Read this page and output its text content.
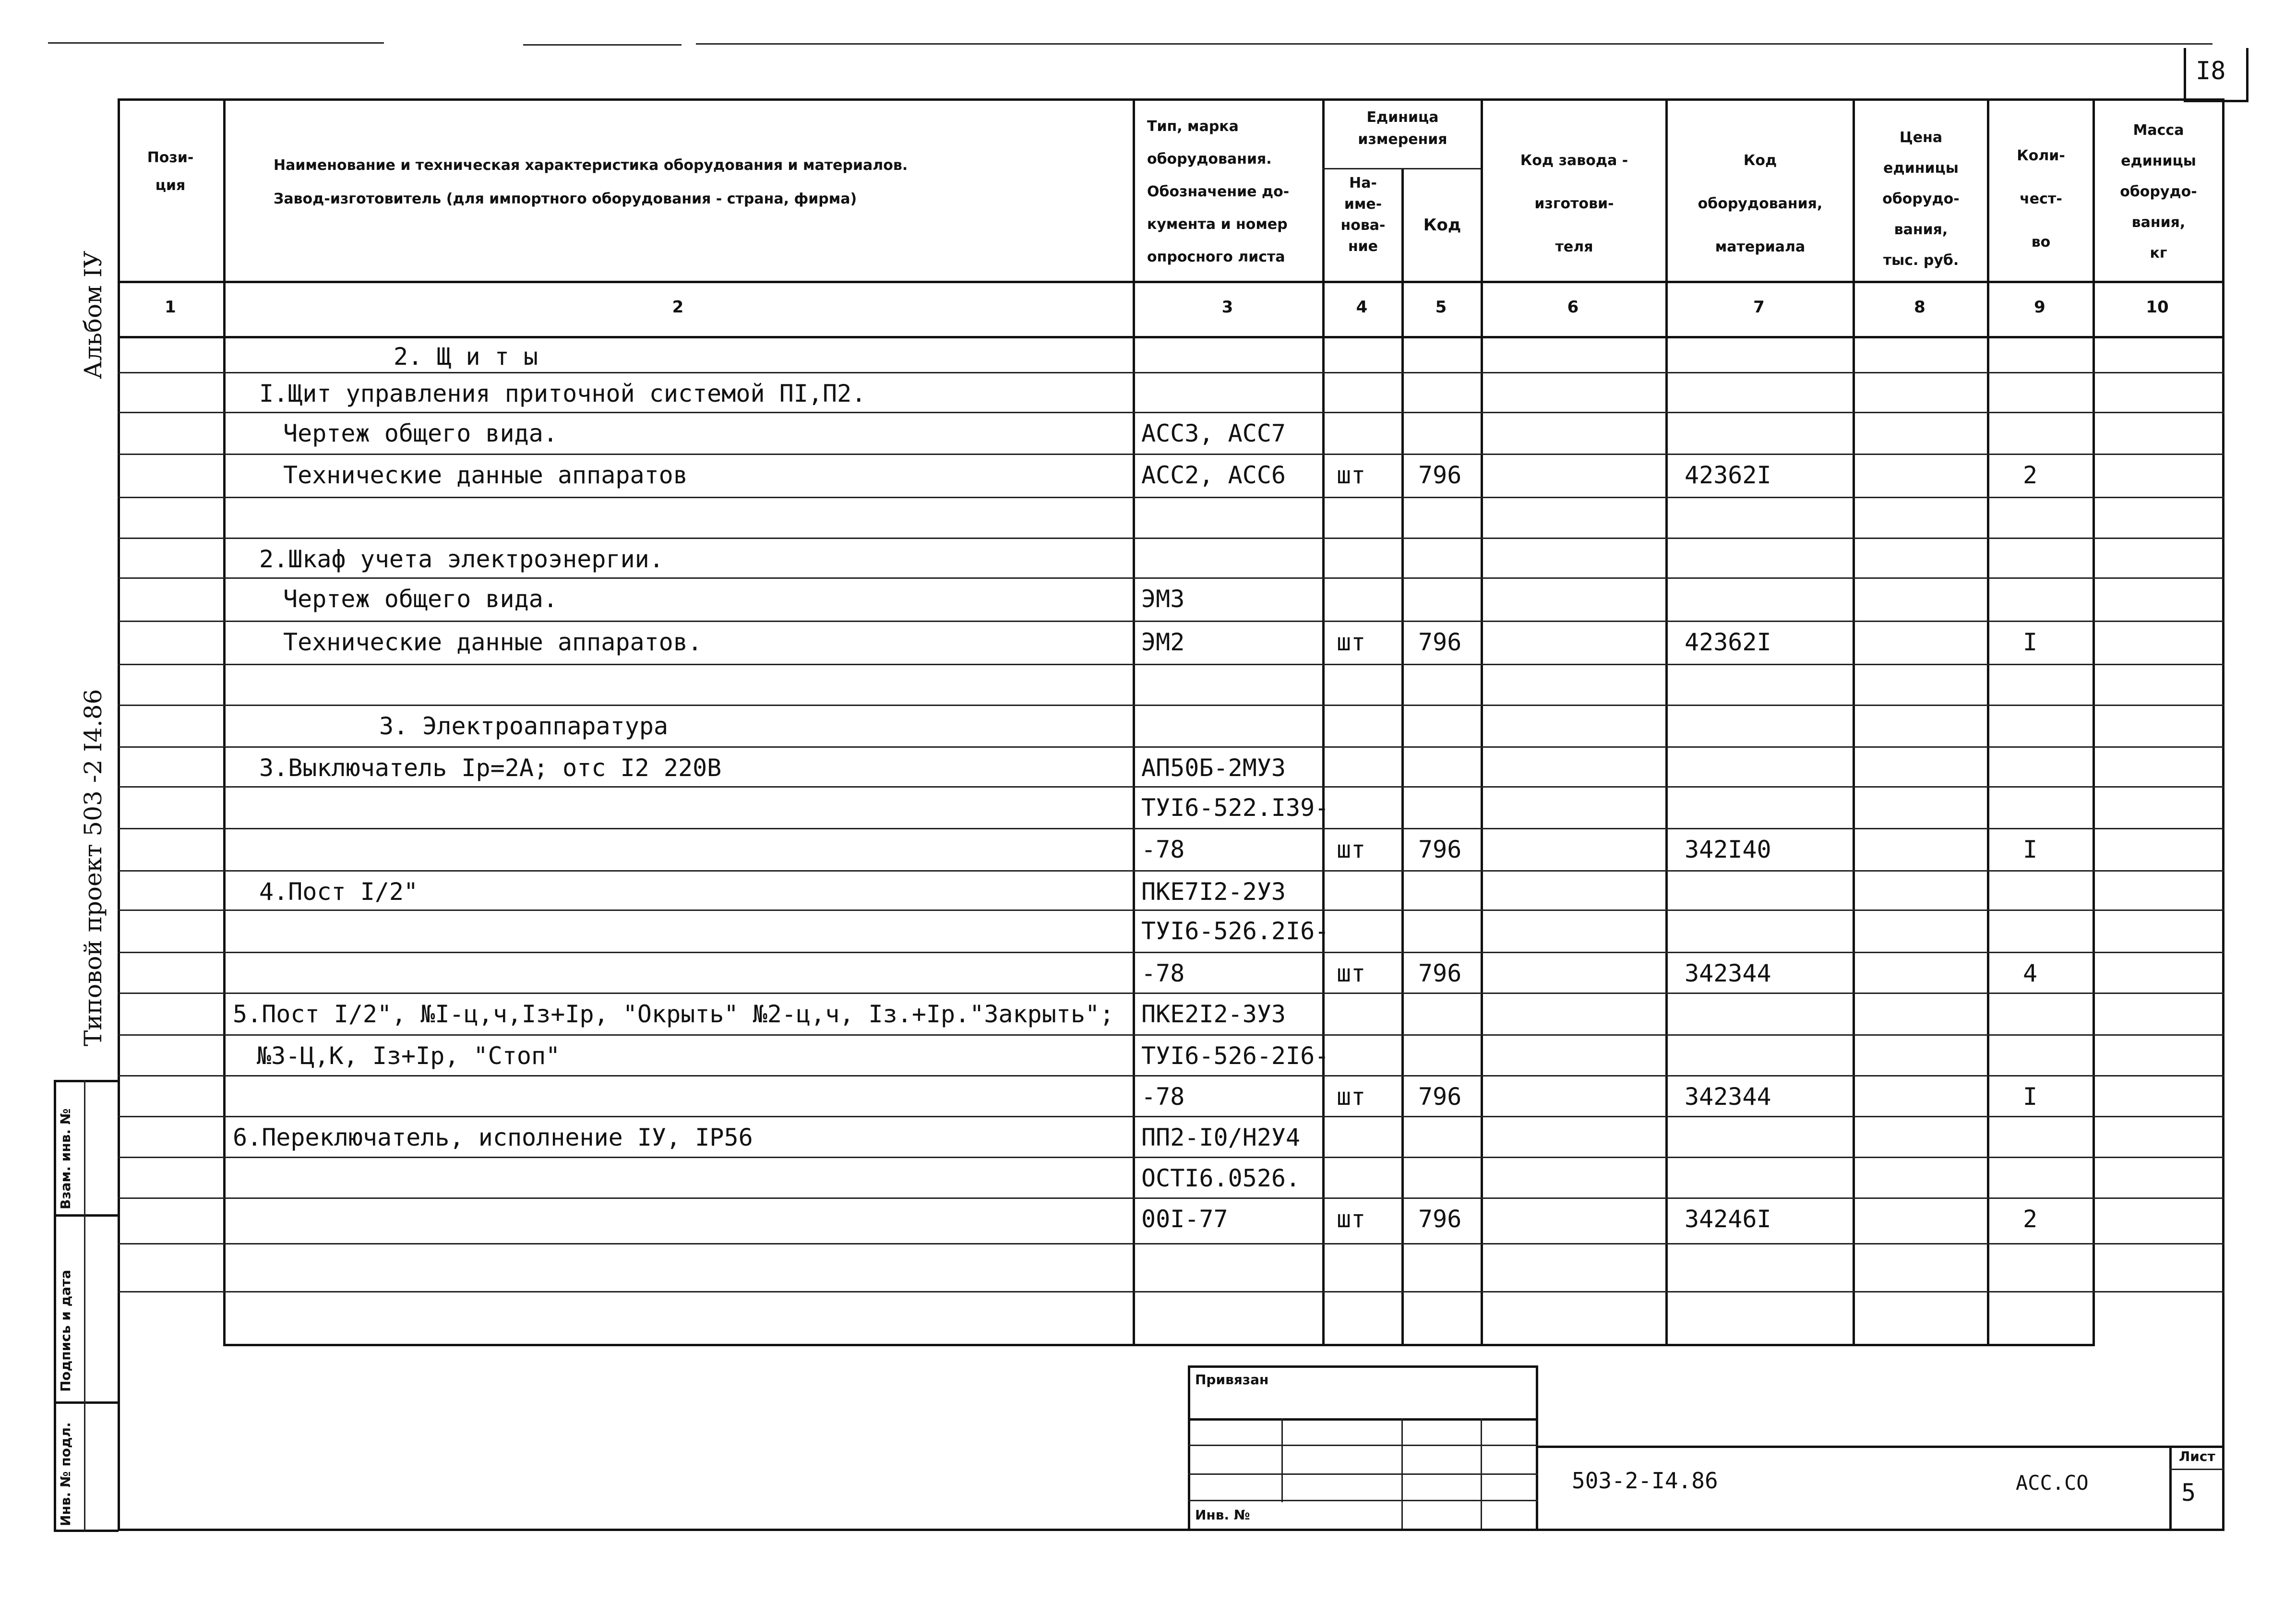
I8
Альбом IУ
Типовой проект 503 -2 I4.86
Инв. № подл.
Подпись и дата
Взам. инв. №
Пози-
ция
Наименование и техническая характеристика оборудования и материалов.
Завод-изготовитель (для импортного оборудования - страна, фирма)
Тип, марка
оборудования.
Обозначение до-
кумента и номер
опросного листа
Единица
измерения
На-
име-
нова-
ние
Код
Код завода -
изготови-
теля
Код
оборудования,
материала
Цена
единицы
оборудо-
вания,
тыс. руб.
Коли-
чест-
во
Масса
единицы
оборудо-
вания,
кг
1	2	3	4	5	6	7	8	9	10
2. Щ и т ы
I.Щит управления приточной системой ПI,П2.
Чертеж общего вида.	АСС3, АСС7
Технические данные аппаратов	АСС2, АСС6 шт 796	42362I	2
2.Шкаф учета электроэнергии.
Чертеж общего вида.	ЭМ3
Технические данные аппаратов.	ЭМ2	шт 796	42362I	I
3. Электроаппаратура
3.Выключатель Iр=2А; отс I2 220В	АП50Б-2МУ3
ТУI6-522.I39-
-78	шт 796	342I40	I
4.Пост I/2"	ПКЕ7I2-2У3
ТУI6-526.2I6-
-78	шт 796	342344	4
5.Пост I/2", №I-ц,ч,Iз+Iр, "Окрыть" №2-ц,ч, Iз.+Iр."Закрыть"; ПКЕ2I2-3У3
№3-Ц,К, Iз+Iр, "Стоп"	ТУI6-526-2I6-
-78	шт 796	342344	I
6.Переключатель, исполнение IУ, IР56	ПП2-I0/Н2У4
ОСТI6.0526.
00I-77	шт 796	34246I	2
Привязан
Инв. №
Лист
5
503-2-I4.86	АСС.СО
